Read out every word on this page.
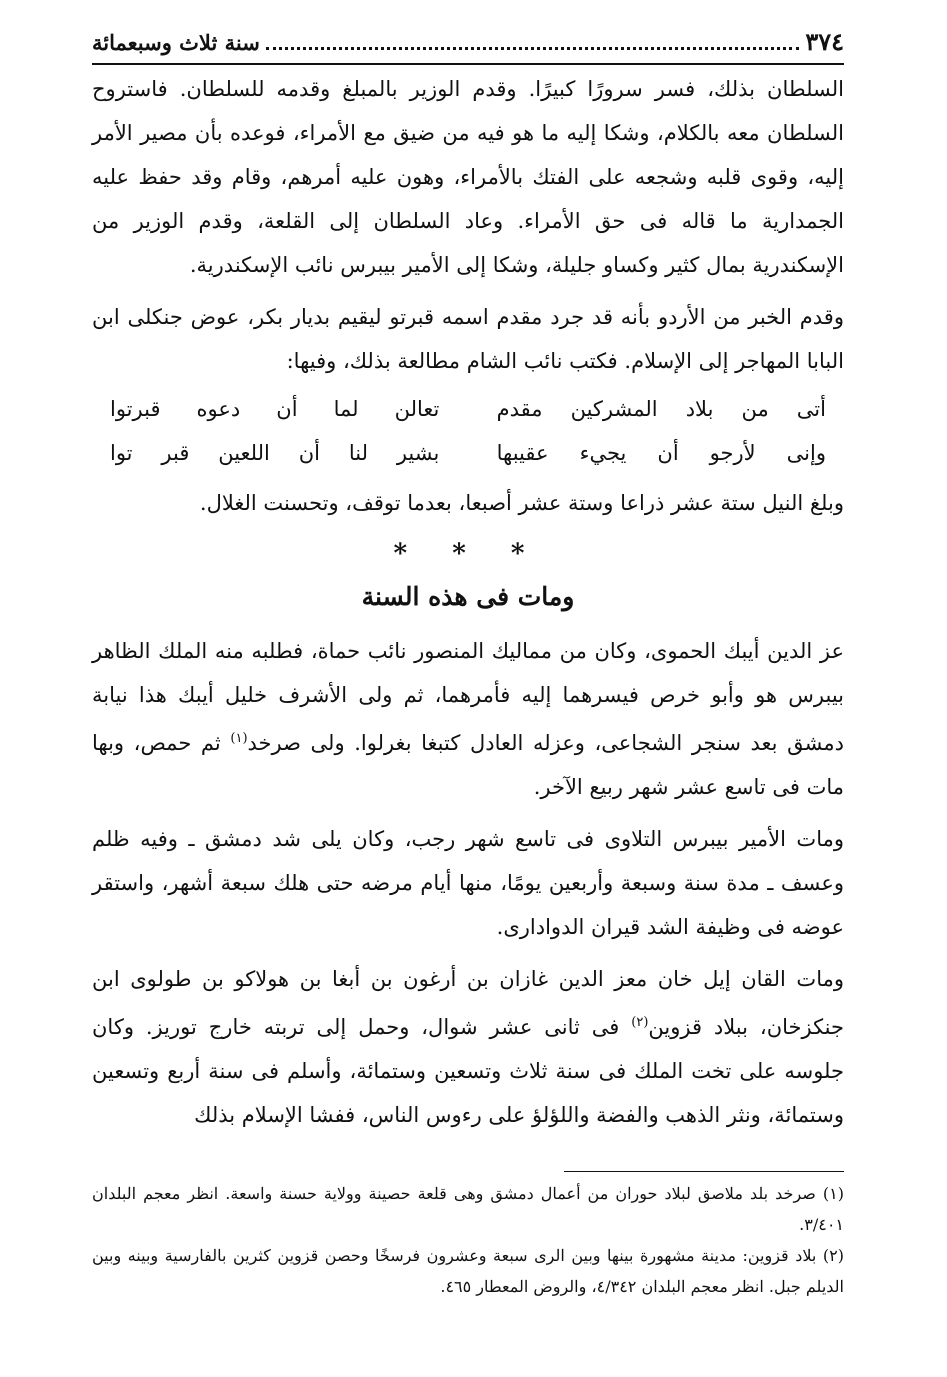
٣٧٤
سنة ثلاث وسبعمائة

السلطان بذلك، فسر سرورًا كبيرًا. وقدم الوزير بالمبلغ وقدمه للسلطان. فاستروح السلطان معه بالكلام، وشكا إليه ما هو فيه من ضيق مع الأمراء، فوعده بأن مصير الأمر إليه، وقوى قلبه وشجعه على الفتك بالأمراء، وهون عليه أمرهم، وقام وقد حفظ عليه الجمدارية ما قاله فى حق الأمراء. وعاد السلطان إلى القلعة، وقدم الوزير من الإسكندرية بمال كثير وكساو جليلة، وشكا إلى الأمير بيبرس نائب الإسكندرية.

وقدم الخبر من الأردو بأنه قد جرد مقدم اسمه قبرتو ليقيم بديار بكر، عوض جنكلى ابن البابا المهاجر إلى الإسلام. فكتب نائب الشام مطالعة بذلك، وفيها:

أتى من بلاد المشركين مقدم
تعالن لما أن دعوه قبرتوا
وإنى لأرجو أن يجيء عقيبها
بشير لنا أن اللعين قبر توا

وبلغ النيل ستة عشر ذراعا وستة عشر أصبعا، بعدما توقف، وتحسنت الغلال.

* * *
ومات فى هذه السنة

عز الدين أيبك الحموى، وكان من مماليك المنصور نائب حماة، فطلبه منه الملك الظاهر بيبرس هو وأبو خرص فيسرهما إليه فأمرهما، ثم ولى الأشرف خليل أيبك هذا نيابة دمشق بعد سنجر الشجاعى، وعزله العادل كتبغا بغرلوا. ولى صرخد$^{(١)}$ ثم حمص، وبها مات فى تاسع عشر شهر ربيع الآخر.

ومات الأمير بيبرس التلاوى فى تاسع شهر رجب، وكان يلى شد دمشق ـ وفيه ظلم وعسف ـ مدة سنة وسبعة وأربعين يومًا، منها أيام مرضه حتى هلك سبعة أشهر، واستقر عوضه فى وظيفة الشد قيران الدوادارى.

ومات القان إيل خان معز الدين غازان بن أرغون بن أبغا بن هولاكو بن طولوى ابن جنكزخان، ببلاد قزوين$^{(٢)}$ فى ثانى عشر شوال، وحمل إلى تربته خارج توريز. وكان جلوسه على تخت الملك فى سنة ثلاث وتسعين وستمائة، وأسلم فى سنة أربع وتسعين وستمائة، ونثر الذهب والفضة واللؤلؤ على رءوس الناس، ففشا الإسلام بذلك

(١) صرخد بلد ملاصق لبلاد حوران من أعمال دمشق وهى قلعة حصينة وولاية حسنة واسعة. انظر معجم البلدان ٣/٤٠١.

(٢) بلاد قزوين: مدينة مشهورة بينها وبين الرى سبعة وعشرون فرسخًا وحصن قزوين كثرين بالفارسية وبينه وبين الديلم جبل. انظر معجم البلدان ٤/٣٤٢، والروض المعطار ٤٦٥.
